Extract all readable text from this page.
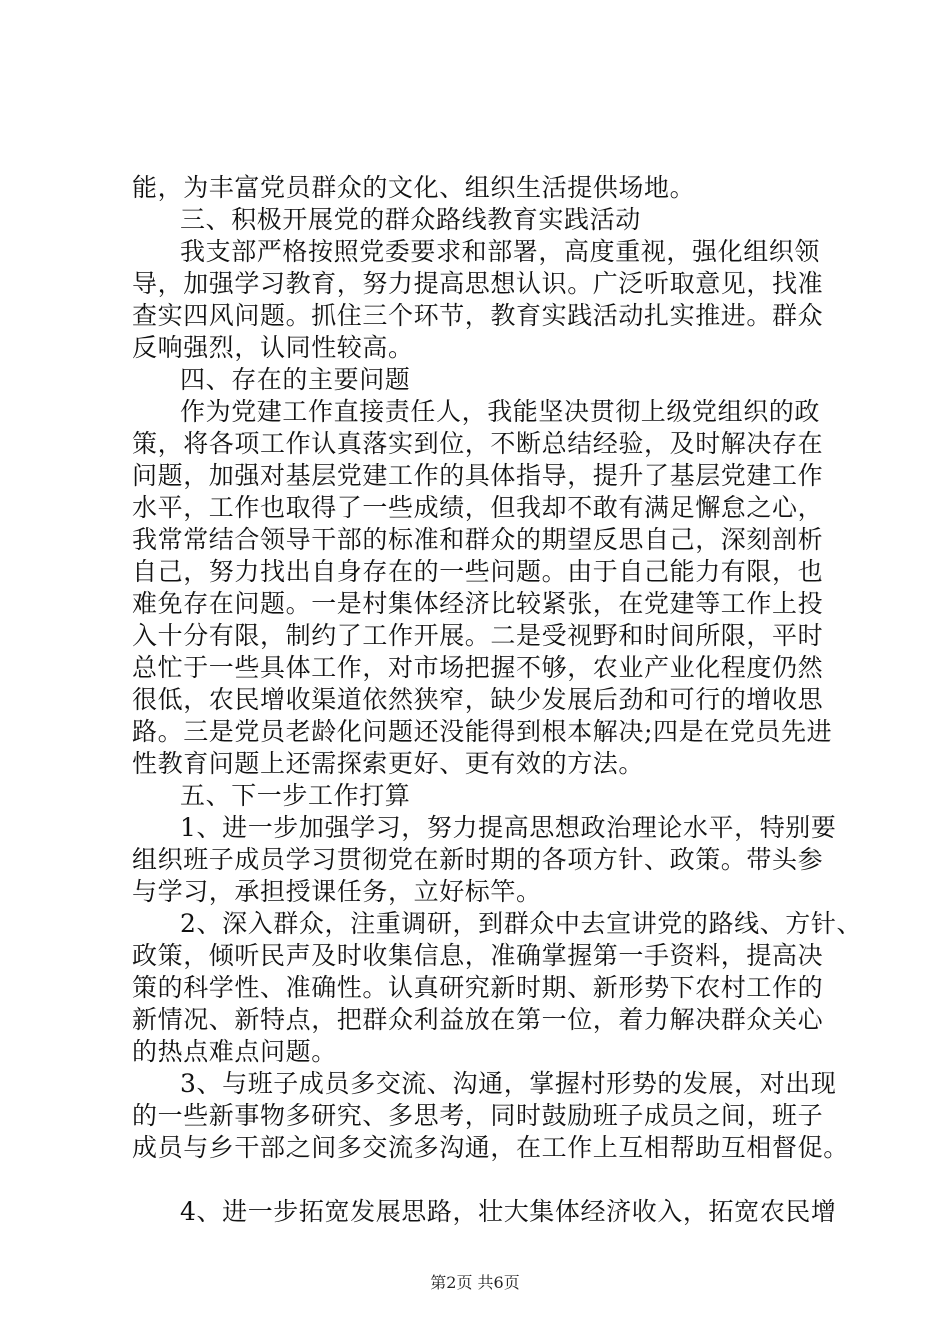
能，为丰富党员群众的文化、组织生活提供场地。
三、积极开展党的群众路线教育实践活动
我支部严格按照党委要求和部署，高度重视，强化组织领
导，加强学习教育，努力提高思想认识。广泛听取意见，找准
查实四风问题。抓住三个环节，教育实践活动扎实推进。群众
反响强烈，认同性较高。
四、存在的主要问题
作为党建工作直接责任人，我能坚决贯彻上级党组织的政
策，将各项工作认真落实到位，不断总结经验，及时解决存在
问题，加强对基层党建工作的具体指导，提升了基层党建工作
水平，工作也取得了一些成绩，但我却不敢有满足懈怠之心，
我常常结合领导干部的标准和群众的期望反思自己，深刻剖析
自己，努力找出自身存在的一些问题。由于自己能力有限，也
难免存在问题。一是村集体经济比较紧张，在党建等工作上投
入十分有限，制约了工作开展。二是受视野和时间所限，平时
总忙于一些具体工作，对市场把握不够，农业产业化程度仍然
很低，农民增收渠道依然狭窄，缺少发展后劲和可行的增收思
路。三是党员老龄化问题还没能得到根本解决;四是在党员先进
性教育问题上还需探索更好、更有效的方法。
五、下一步工作打算
1、进一步加强学习，努力提高思想政治理论水平，特别要
组织班子成员学习贯彻党在新时期的各项方针、政策。带头参
与学习，承担授课任务，立好标竿。
2、深入群众，注重调研，到群众中去宣讲党的路线、方针、
政策，倾听民声及时收集信息，准确掌握第一手资料，提高决
策的科学性、准确性。认真研究新时期、新形势下农村工作的
新情况、新特点，把群众利益放在第一位，着力解决群众关心
的热点难点问题。
3、与班子成员多交流、沟通，掌握村形势的发展，对出现
的一些新事物多研究、多思考，同时鼓励班子成员之间，班子
成员与乡干部之间多交流多沟通，在工作上互相帮助互相督促。
4、进一步拓宽发展思路，壮大集体经济收入，拓宽农民增
第2页 共6页
